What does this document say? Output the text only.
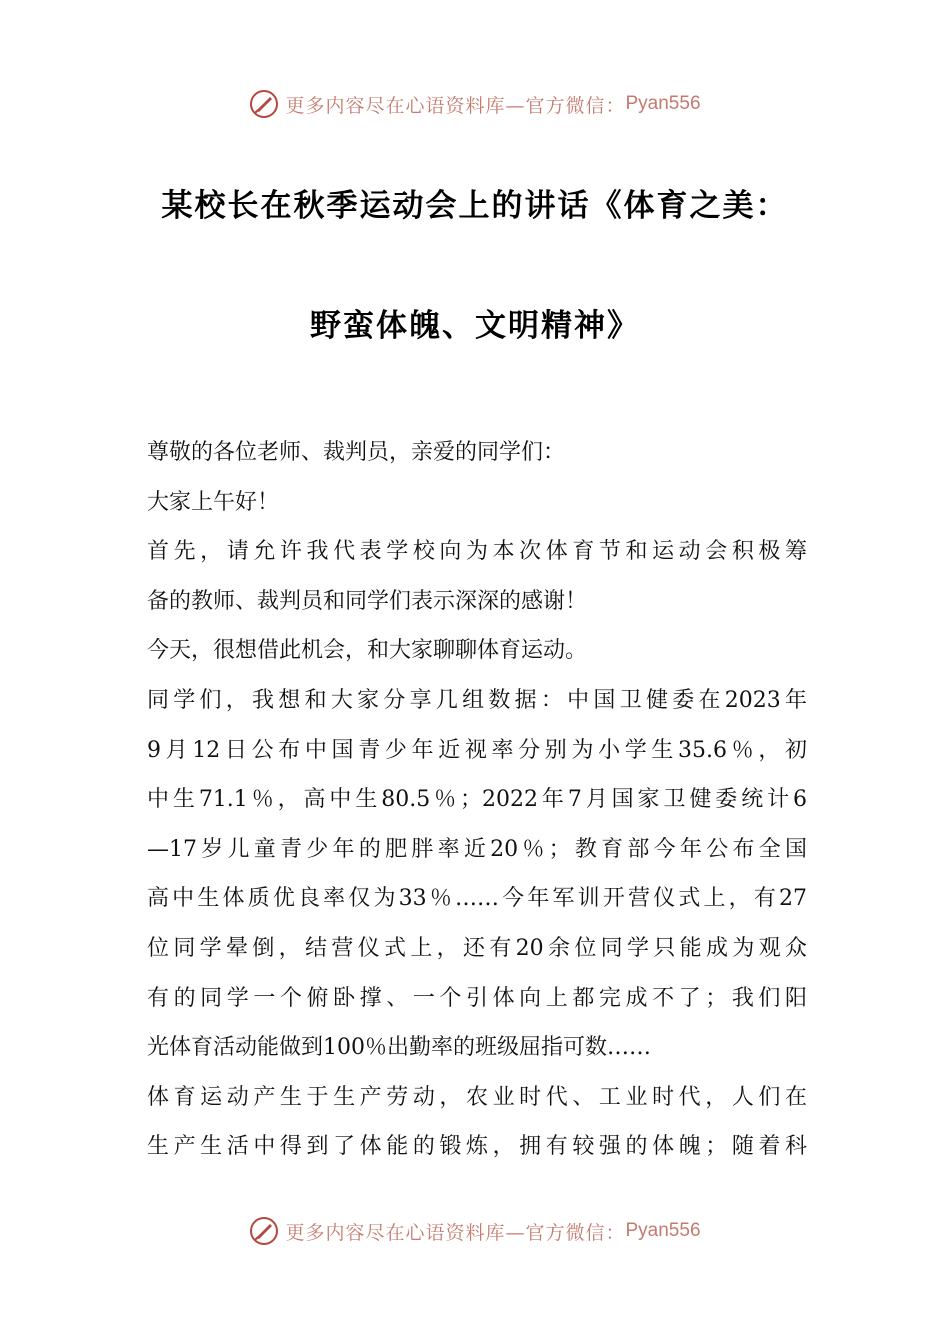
更多内容尽在心语资料库—官方微信： Pyan556
某校长在秋季运动会上的讲话《体育之美：
野蛮体魄、文明精神》
尊敬的各位老师、裁判员，亲爱的同学们：
大家上午好！
首先，请允许我代表学校向为本次体育节和运动会积极筹
备的教师、裁判员和同学们表示深深的感谢！
今天，很想借此机会，和大家聊聊体育运动。
同学们，我想和大家分享几组数据：中国卫健委在2023年
9月12日公布中国青少年近视率分别为小学生35.6％，初
中生71.1％，高中生80.5％；2022年7月国家卫健委统计6
—17岁儿童青少年的肥胖率近20％；教育部今年公布全国
高中生体质优良率仅为33％……今年军训开营仪式上，有27
位同学晕倒，结营仪式上，还有20余位同学只能成为观众
有的同学一个俯卧撑、一个引体向上都完成不了；我们阳
光体育活动能做到100％出勤率的班级屈指可数……
体育运动产生于生产劳动，农业时代、工业时代，人们在
生产生活中得到了体能的锻炼，拥有较强的体魄；随着科
更多内容尽在心语资料库—官方微信： Pyan556
